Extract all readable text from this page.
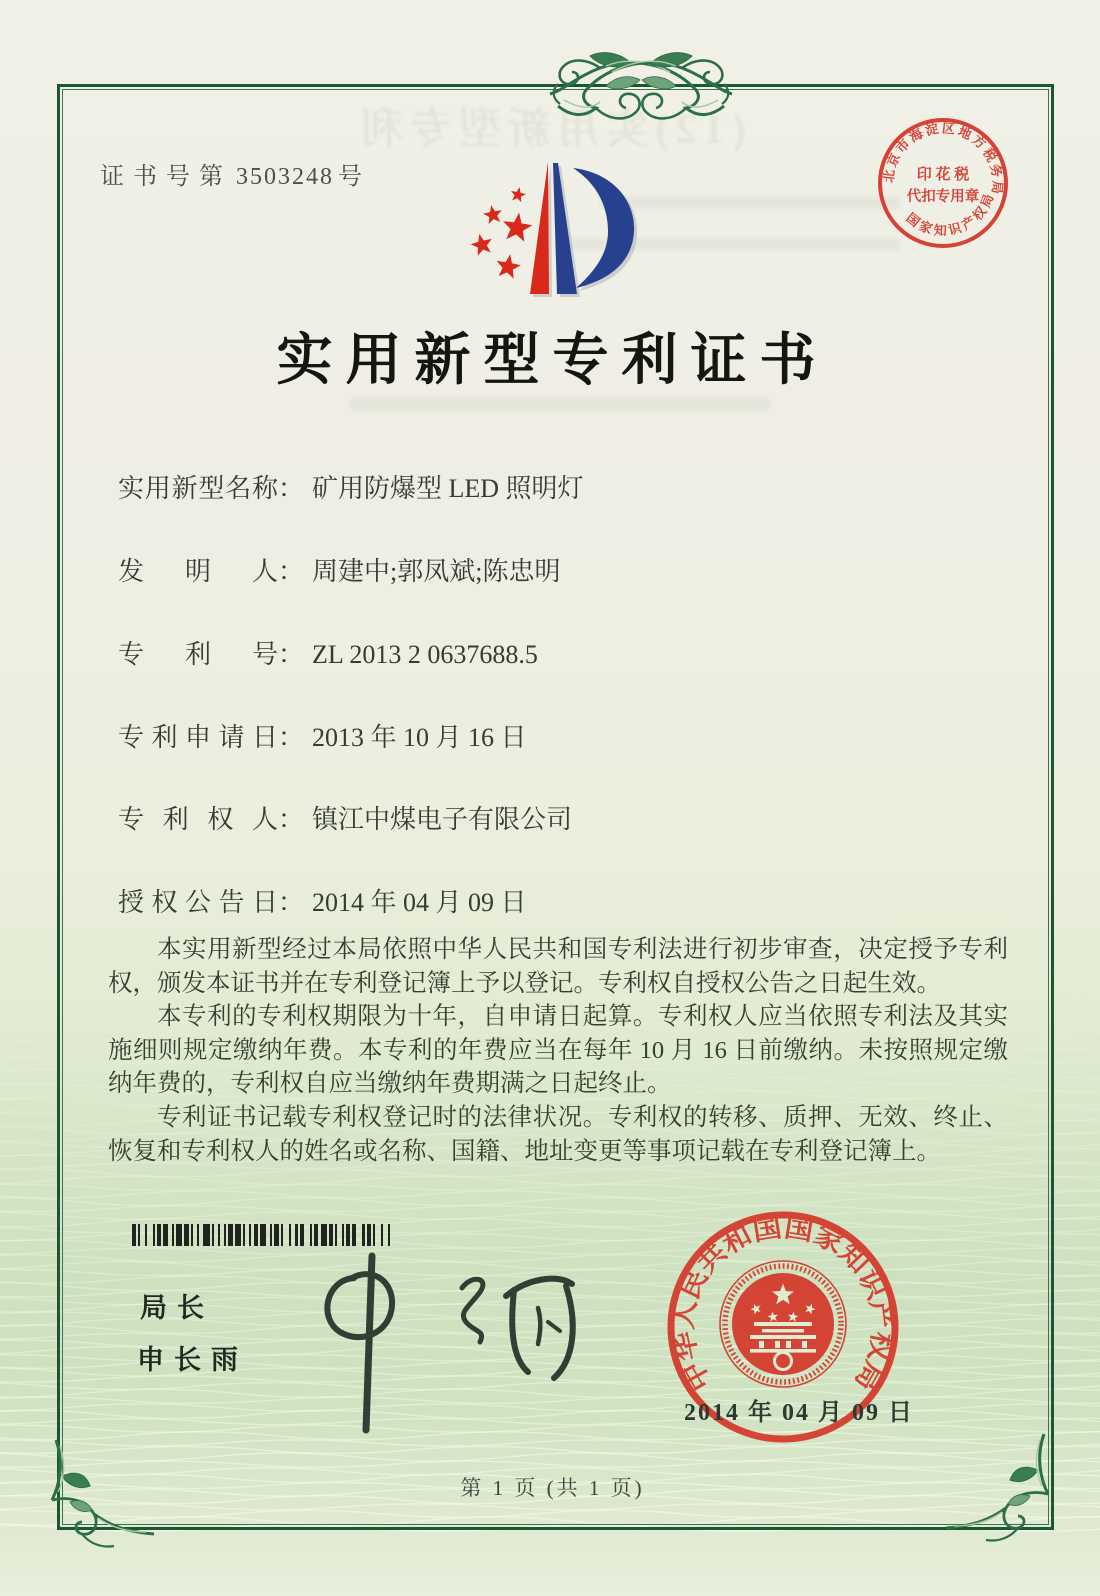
(12)实用新型专利
证书号第 3503248 号	北京市海淀区地方税务局
国家知识产权局
印 花 税
代扣专用章
实用新型专利证书
实用新型名称： 矿用防爆型 LED 照明灯
发明人： 周建中;郭凤斌;陈忠明
专利号： ZL 2013 2 0637688.5
专利申请日： 2013 年 10 月 16 日
专利权人： 镇江中煤电子有限公司
授权公告日： 2014 年 04 月 09 日

本实用新型经过本局依照中华人民共和国专利法进行初步审查，决定授予专利权，颁发本证书并在专利登记簿上予以登记。专利权自授权公告之日起生效。

本专利的专利权期限为十年，自申请日起算。专利权人应当依照专利法及其实施细则规定缴纳年费。本专利的年费应当在每年 10 月 16 日前缴纳。未按照规定缴纳年费的，专利权自应当缴纳年费期满之日起终止。

专利证书记载专利权登记时的法律状况。专利权的转移、质押、无效、终止、恢复和专利权人的姓名或名称、国籍、地址变更等事项记载在专利登记簿上。

局长
申长雨	中华人民共和国国家知识产权局
2014 年 04 月 09 日
第 1 页 (共 1 页)
